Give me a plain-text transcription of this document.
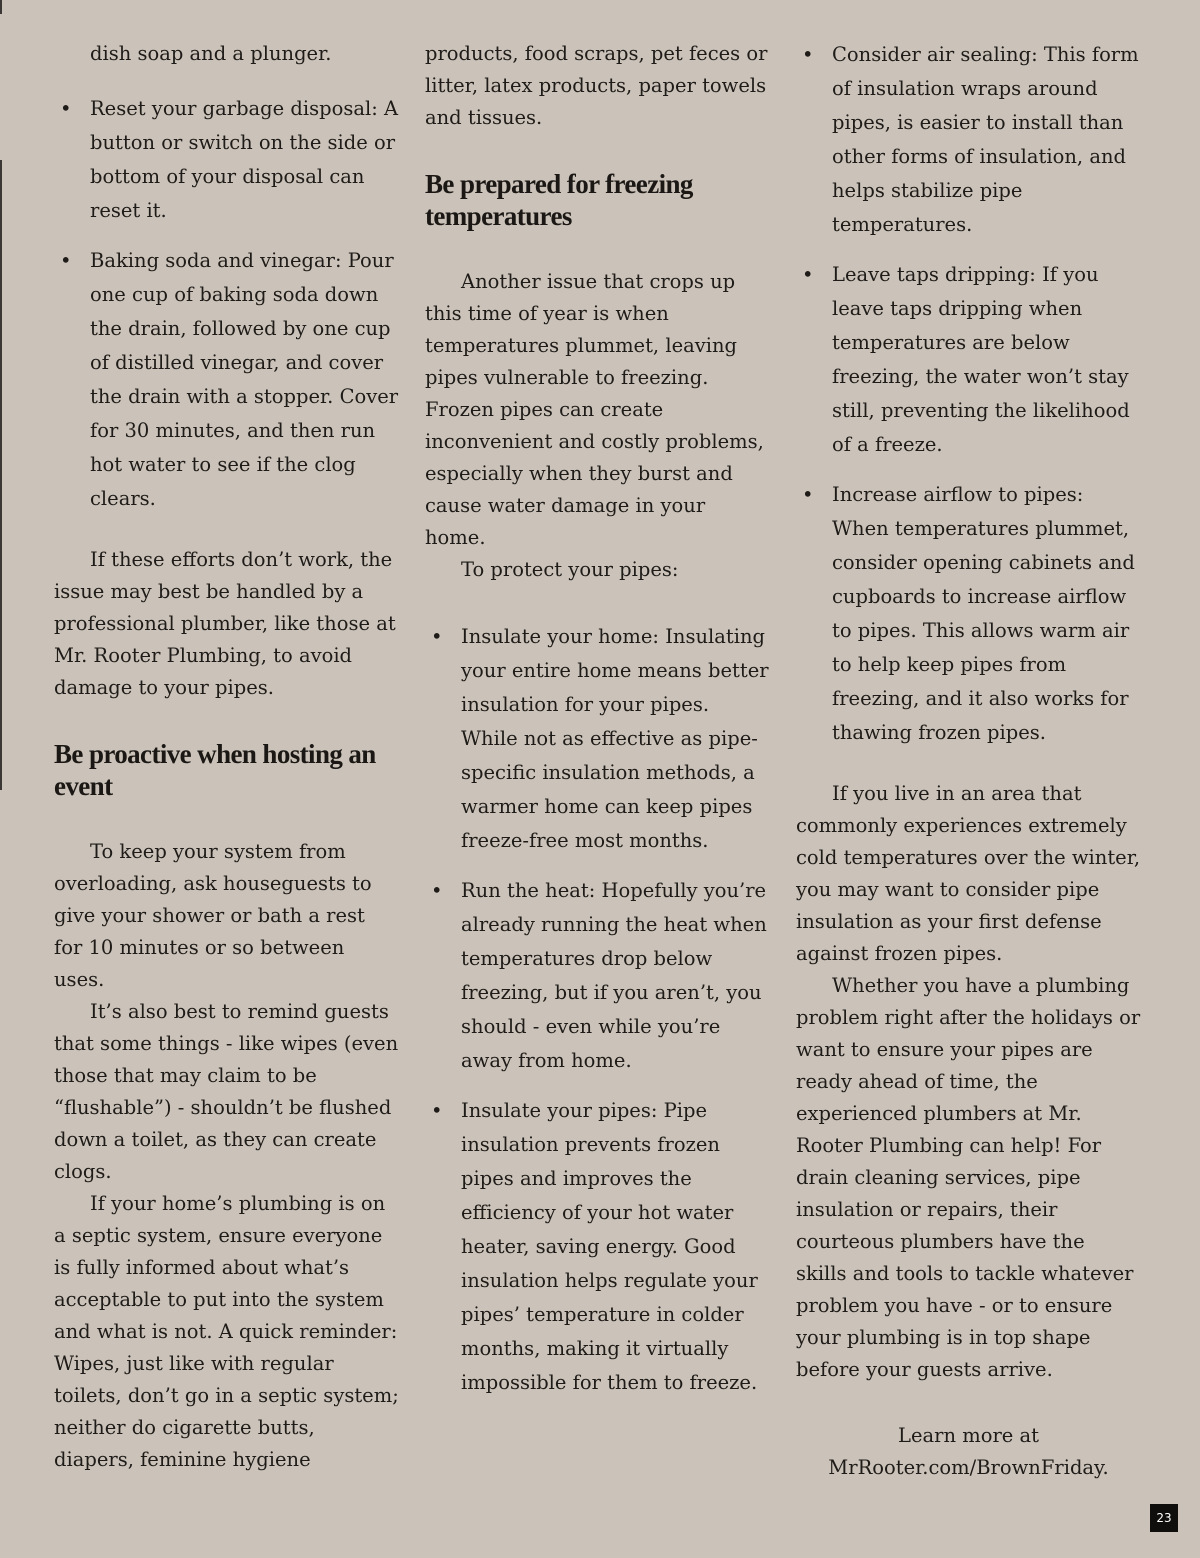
dish soap and a plunger.

• Reset your garbage disposal: A button or switch on the side or bottom of your disposal can reset it.
• Baking soda and vinegar: Pour one cup of baking soda down the drain, followed by one cup of distilled vinegar, and cover the drain with a stopper. Cover for 30 minutes, and then run hot water to see if the clog clears.

If these efforts don’t work, the issue may best be handled by a professional plumber, like those at Mr. Rooter Plumbing, to avoid damage to your pipes.

Be proactive when hosting an event

To keep your system from overloading, ask houseguests to give your shower or bath a rest for 10 minutes or so between uses.

It’s also best to remind guests that some things - like wipes (even those that may claim to be “flushable”) - shouldn’t be flushed down a toilet, as they can create clogs.

If your home’s plumbing is on a septic system, ensure everyone is fully informed about what’s acceptable to put into the system and what is not. A quick reminder: Wipes, just like with regular toilets, don’t go in a septic system; neither do cigarette butts, diapers, feminine hygiene

products, food scraps, pet feces or litter, latex products, paper towels and tissues.

Be prepared for freezing temperatures

Another issue that crops up this time of year is when temperatures plummet, leaving pipes vulnerable to freezing. Frozen pipes can create inconvenient and costly problems, especially when they burst and cause water damage in your home.

To protect your pipes:

• Insulate your home: Insulating your entire home means better insulation for your pipes. While not as effective as pipe-specific insulation methods, a warmer home can keep pipes freeze-free most months.
• Run the heat: Hopefully you’re already running the heat when temperatures drop below freezing, but if you aren’t, you should - even while you’re away from home.
• Insulate your pipes: Pipe insulation prevents frozen pipes and improves the efficiency of your hot water heater, saving energy. Good insulation helps regulate your pipes’ temperature in colder months, making it virtually impossible for them to freeze.
• Consider air sealing: This form of insulation wraps around pipes, is easier to install than other forms of insulation, and helps stabilize pipe temperatures.
• Leave taps dripping: If you leave taps dripping when temperatures are below freezing, the water won’t stay still, preventing the likelihood of a freeze.
• Increase airflow to pipes: When temperatures plummet, consider opening cabinets and cupboards to increase airflow to pipes. This allows warm air to help keep pipes from freezing, and it also works for thawing frozen pipes.

If you live in an area that commonly experiences extremely cold temperatures over the winter, you may want to consider pipe insulation as your first defense against frozen pipes.

Whether you have a plumbing problem right after the holidays or want to ensure your pipes are ready ahead of time, the experienced plumbers at Mr. Rooter Plumbing can help! For drain cleaning services, pipe insulation or repairs, their courteous plumbers have the skills and tools to tackle whatever problem you have - or to ensure your plumbing is in top shape before your guests arrive.

Learn more at

MrRooter.com/BrownFriday.

23
